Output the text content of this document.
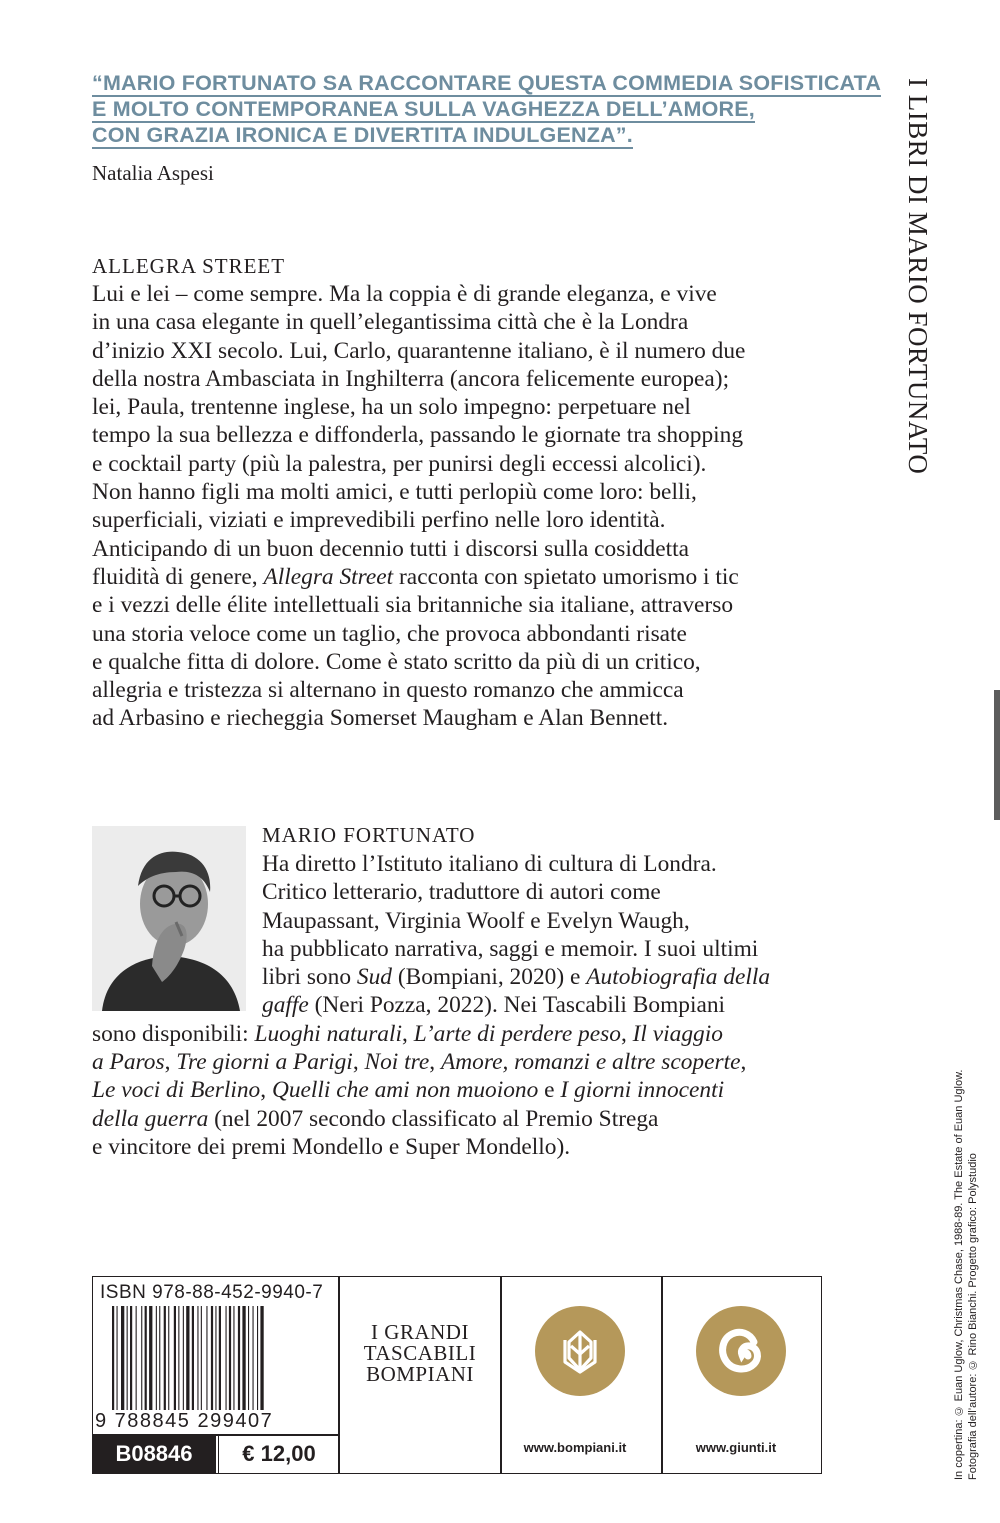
“MARIO FORTUNATO SA RACCONTARE QUESTA COMMEDIA SOFISTICATA
E MOLTO CONTEMPORANEA SULLA VAGHEZZA DELL’AMORE,
CON GRAZIA IRONICA E DIVERTITA INDULGENZA”.
Natalia Aspesi	I LIBRI DI MARIO FORTUNATO
ALLEGRA STREET
Lui e lei – come sempre. Ma la coppia è di grande eleganza, e vive
in una casa elegante in quell’elegantissima città che è la Londra
d’inizio XXI secolo. Lui, Carlo, quarantenne italiano, è il numero due
della nostra Ambasciata in Inghilterra (ancora felicemente europea);
lei, Paula, trentenne inglese, ha un solo impegno: perpetuare nel
tempo la sua bellezza e diffonderla, passando le giornate tra shopping
e cocktail party (più la palestra, per punirsi degli eccessi alcolici).
Non hanno figli ma molti amici, e tutti perlopiù come loro: belli,
superficiali, viziati e imprevedibili perfino nelle loro identità.
Anticipando di un buon decennio tutti i discorsi sulla cosiddetta
fluidità di genere, Allegra Street racconta con spietato umorismo i tic
e i vezzi delle élite intellettuali sia britanniche sia italiane, attraverso
una storia veloce come un taglio, che provoca abbondanti risate
e qualche fitta di dolore. Come è stato scritto da più di un critico,
allegria e tristezza si alternano in questo romanzo che ammicca
ad Arbasino e riecheggia Somerset Maugham e Alan Bennett.
MARIO FORTUNATO
Ha diretto l’Istituto italiano di cultura di Londra.
Critico letterario, traduttore di autori come
Maupassant, Virginia Woolf e Evelyn Waugh,
ha pubblicato narrativa, saggi e memoir. I suoi ultimi
libri sono Sud (Bompiani, 2020) e Autobiografia della
gaffe (Neri Pozza, 2022). Nei Tascabili Bompiani
sono disponibili: Luoghi naturali, L’arte di perdere peso, Il viaggio
a Paros, Tre giorni a Parigi, Noi tre, Amore, romanzi e altre scoperte,
Le voci di Berlino, Quelli che ami non muoiono e I giorni innocenti
della guerra (nel 2007 secondo classificato al Premio Strega
e vincitore dei premi Mondello e Super Mondello).
ISBN 978-88-452-9940-7
9 788845 299407
B08846	€ 12,00
I GRANDI
TASCABILI
BOMPIANI
www.bompiani.it	www.giunti.it	In copertina: © Euan Uglow, Christmas Chase, 1988-89. The Estate of Euan Uglow. Fotografia dell’autore: © Rino Bianchi. Progetto grafico: Polystudio
